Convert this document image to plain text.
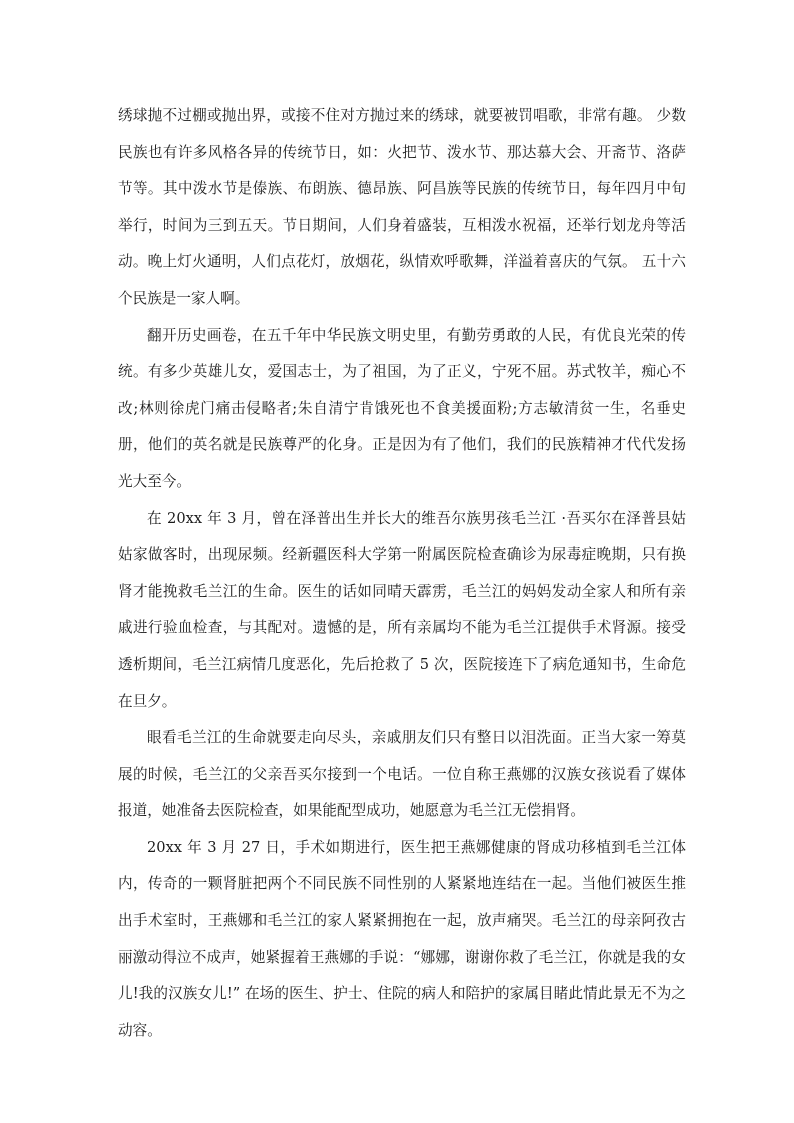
绣球抛不过棚或抛出界，或接不住对方抛过来的绣球，就要被罚唱歌，非常有趣。 少数民族也有许多风格各异的传统节日，如：火把节、泼水节、那达慕大会、开斋节、洛萨节等。其中泼水节是傣族、布朗族、德昂族、阿昌族等民族的传统节日，每年四月中旬举行，时间为三到五天。节日期间，人们身着盛装，互相泼水祝福，还举行划龙舟等活动。晚上灯火通明，人们点花灯，放烟花，纵情欢呼歌舞，洋溢着喜庆的气氛。 五十六个民族是一家人啊。

翻开历史画卷，在五千年中华民族文明史里，有勤劳勇敢的人民，有优良光荣的传统。有多少英雄儿女，爱国志士，为了祖国，为了正义，宁死不屈。苏式牧羊，痴心不改;林则徐虎门痛击侵略者;朱自清宁肯饿死也不食美援面粉;方志敏清贫一生，名垂史册，他们的英名就是民族尊严的化身。正是因为有了他们，我们的民族精神才代代发扬光大至今。

在 20xx 年 3 月，曾在泽普出生并长大的维吾尔族男孩毛兰江 ·吾买尔在泽普县姑姑家做客时，出现尿频。经新疆医科大学第一附属医院检查确诊为尿毒症晚期，只有换肾才能挽救毛兰江的生命。医生的话如同晴天霹雳，毛兰江的妈妈发动全家人和所有亲戚进行验血检查，与其配对。遗憾的是，所有亲属均不能为毛兰江提供手术肾源。接受透析期间，毛兰江病情几度恶化，先后抢救了 5 次，医院接连下了病危通知书，生命危在旦夕。

眼看毛兰江的生命就要走向尽头，亲戚朋友们只有整日以泪洗面。正当大家一筹莫展的时候，毛兰江的父亲吾买尔接到一个电话。一位自称王燕娜的汉族女孩说看了媒体报道，她准备去医院检查，如果能配型成功，她愿意为毛兰江无偿捐肾。

20xx 年 3 月 27 日，手术如期进行，医生把王燕娜健康的肾成功移植到毛兰江体内，传奇的一颗肾脏把两个不同民族不同性别的人紧紧地连结在一起。当他们被医生推出手术室时，王燕娜和毛兰江的家人紧紧拥抱在一起，放声痛哭。毛兰江的母亲阿孜古丽激动得泣不成声，她紧握着王燕娜的手说：“娜娜，谢谢你救了毛兰江，你就是我的女儿!我的汉族女儿!” 在场的医生、护士、住院的病人和陪护的家属目睹此情此景无不为之动容。
